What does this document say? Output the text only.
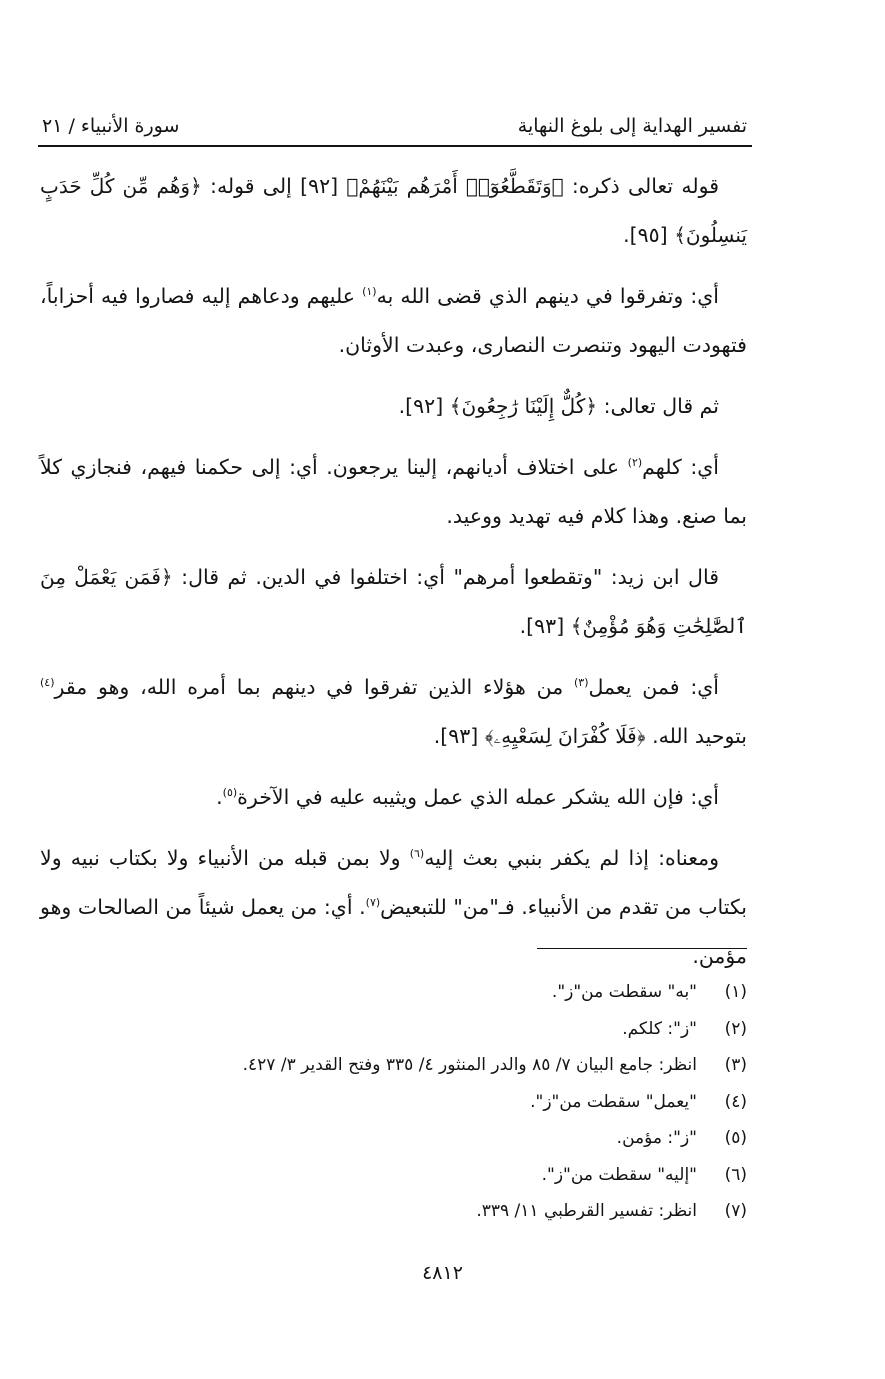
تفسير الهداية إلى بلوغ النهاية
سورة الأنبياء / ٢١

قوله تعالى ذكره: ﴿وَتَقَطَّعُوٓا۟ أَمْرَهُم بَيْنَهُمْ﴾ [٩٢] إلى قوله: ﴿وَهُم مِّن كُلِّ حَدَبٍ يَنسِلُونَ﴾ [٩٥].

أي: وتفرقوا في دينهم الذي قضى الله به$^{(١)}$ عليهم ودعاهم إليه فصاروا فيه أحزاباً، فتهودت اليهود وتنصرت النصارى، وعبدت الأوثان.

ثم قال تعالى: ﴿كُلٌّ إِلَيْنَا رَٰجِعُونَ﴾ [٩٢].

أي: كلهم$^{(٢)}$ على اختلاف أديانهم، إلينا يرجعون. أي: إلى حكمنا فيهم، فنجازي كلاً بما صنع. وهذا كلام فيه تهديد ووعيد.

قال ابن زيد: "وتقطعوا أمرهم" أي: اختلفوا في الدين. ثم قال: ﴿فَمَن يَعْمَلْ مِنَ ٱلصَّٰلِحَٰتِ وَهُوَ مُؤْمِنٌ﴾ [٩٣].

أي: فمن يعمل$^{(٣)}$ من هؤلاء الذين تفرقوا في دينهم بما أمره الله، وهو مقر$^{(٤)}$ بتوحيد الله. ﴿فَلَا كُفْرَانَ لِسَعْيِهِۦ﴾ [٩٣].

أي: فإن الله يشكر عمله الذي عمل ويثيبه عليه في الآخرة$^{(٥)}$.

ومعناه: إذا لم يكفر بنبي بعث إليه$^{(٦)}$ ولا بمن قبله من الأنبياء ولا بكتاب نبيه ولا بكتاب من تقدم من الأنبياء. فـ"من" للتبعيض$^{(٧)}$. أي: من يعمل شيئاً من الصالحات وهو مؤمن.

(١)
"به" سقطت من"ز".
(٢)
"ز": كلكم.
(٣)
انظر: جامع البيان ٧/ ٨٥ والدر المنثور ٤/ ٣٣٥ وفتح القدير ٣/ ٤٢٧.
(٤)
"يعمل" سقطت من"ز".
(٥)
"ز": مؤمن.
(٦)
"إليه" سقطت من"ز".
(٧)
انظر: تفسير القرطبي ١١/ ٣٣٩.
٤٨١٢
